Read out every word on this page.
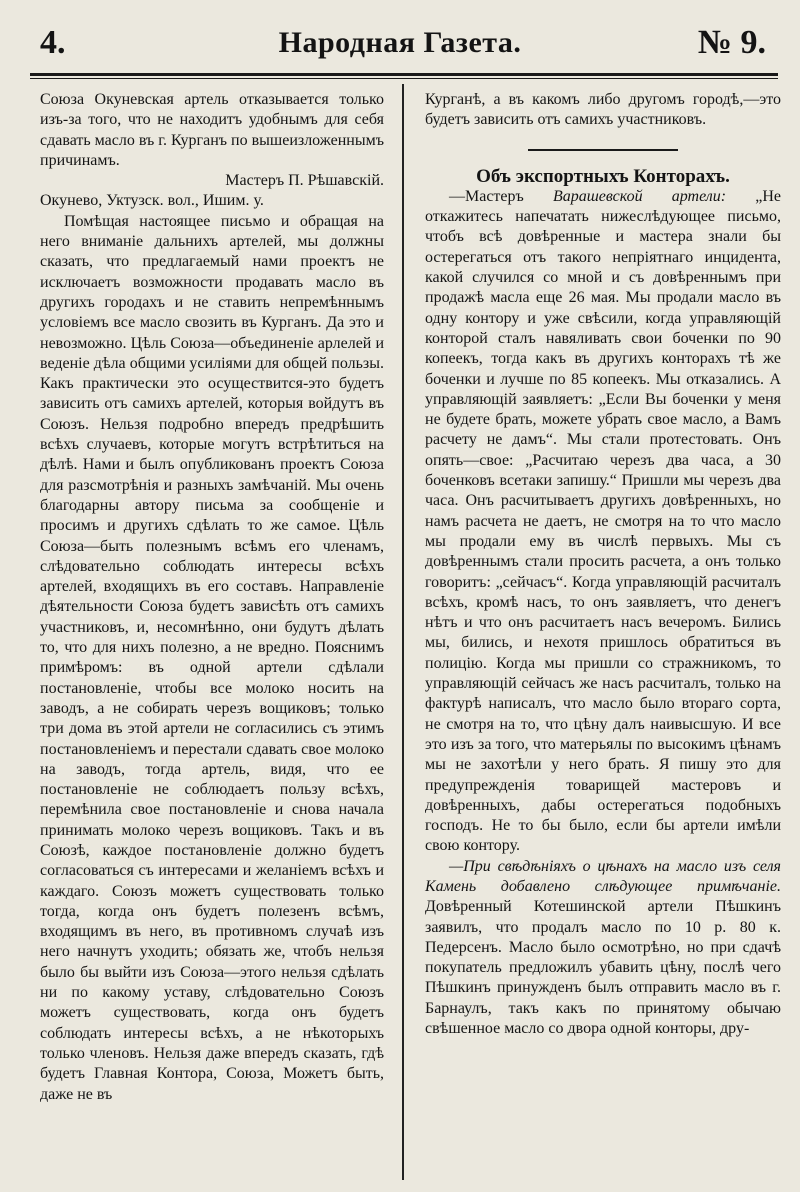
4.	Народная Газета.	№ 9.

Союза Окуневская артель отказывается только изъ-за того, что не находитъ удобнымъ для себя сдавать масло въ г. Курганъ по вышеизложеннымъ причинамъ.

Мастеръ П. Рѣшавскій.

Окунево, Уктузск. вол., Ишим. у.

Помѣщая настоящее письмо и обращая на него вниманіе дальнихъ артелей, мы должны сказать, что предлагаемый нами проектъ не исключаетъ возможности продавать масло въ другихъ городахъ и не ставить непремѣннымъ условіемъ все масло свозить въ Курганъ. Да это и невозможно. Цѣль Союза—объединеніе арлелей и веденіе дѣла общими усиліями для общей пользы. Какъ практически это осуществится-это будетъ зависить отъ самихъ артелей, которыя войдутъ въ Союзъ. Нельзя подробно впередъ предрѣшить всѣхъ случаевъ, которые могутъ встрѣтиться на дѣлѣ. Нами и былъ опубликованъ проектъ Союза для разсмотрѣнія и разныхъ замѣчаній. Мы очень благодарны автору письма за сообщеніе и просимъ и другихъ сдѣлать то же самое. Цѣль Союза—быть полезнымъ всѣмъ его членамъ, слѣдовательно соблюдать интересы всѣхъ артелей, входящихъ въ его составъ. Направленіе дѣятельности Союза будетъ зависѣть отъ самихъ участниковъ, и, несомнѣнно, они будутъ дѣлать то, что для нихъ полезно, а не вредно. Пояснимъ примѣромъ: въ одной артели сдѣлали постановленіе, чтобы все молоко носить на заводъ, а не собирать черезъ вощиковъ; только три дома въ этой артели не согласились съ этимъ постановленіемъ и перестали сдавать свое молоко на заводъ, тогда артель, видя, что ее постановленіе не соблюдаетъ пользу всѣхъ, перемѣнила свое постановленіе и снова начала принимать молоко черезъ вощиковъ. Такъ и въ Союзѣ, каждое постановленіе должно будетъ согласоваться съ интересами и желаніемъ всѣхъ и каждаго. Союзъ можетъ существовать только тогда, когда онъ будетъ полезенъ всѣмъ, входящимъ въ него, въ противномъ случаѣ изъ него начнутъ уходить; обязать же, чтобъ нельзя было бы выйти изъ Союза—этого нельзя сдѣлать ни по какому уставу, слѣдовательно Союзъ можетъ существовать, когда онъ будетъ соблюдать интересы всѣхъ, а не нѣкоторыхъ только членовъ. Нельзя даже впередъ сказать, гдѣ будетъ Главная Контора, Союза, Можетъ быть, даже не въ

Курганѣ, а въ какомъ либо другомъ городѣ,—это будетъ зависить отъ самихъ участниковъ.

Объ экспортныхъ Конторахъ.

—Мастеръ Варашевской артели: „Не откажитесь напечатать нижеслѣдующее письмо, чтобъ всѣ довѣренные и мастера знали бы остерегаться отъ такого непріятнаго инцидента, какой случился со мной и съ довѣреннымъ при продажѣ масла еще 26 мая. Мы продали масло въ одну контору и уже свѣсили, когда управляющій конторой сталъ навяливать свои боченки по 90 копеекъ, тогда какъ въ другихъ конторахъ тѣ же боченки и лучше по 85 копеекъ. Мы отказались. А управляющій заявляетъ: „Если Вы боченки у меня не будете брать, можете убрать свое масло, а Вамъ расчету не дамъ“. Мы стали протестовать. Онъ опять—свое: „Расчитаю черезъ два часа, а 30 боченковъ всетаки запишу.“ Пришли мы черезъ два часа. Онъ расчитываетъ другихъ довѣренныхъ, но намъ расчета не даетъ, не смотря на то что масло мы продали ему въ числѣ первыхъ. Мы съ довѣреннымъ стали просить расчета, а онъ только говоритъ: „сейчасъ“. Когда управляющій расчиталъ всѣхъ, кромѣ насъ, то онъ заявляетъ, что денегъ нѣтъ и что онъ расчитаетъ насъ вечеромъ. Бились мы, бились, и нехотя пришлось обратиться въ полицію. Когда мы пришли со стражникомъ, то управляющій сейчасъ же насъ расчиталъ, только на фактурѣ написалъ, что масло было втораго сорта, не смотря на то, что цѣну далъ наивысшую. И все это изъ за того, что матерьялы по высокимъ цѣнамъ мы не захотѣли у него брать. Я пишу это для предупрежденія товарищей мастеровъ и довѣренныхъ, дабы остерегаться подобныхъ господъ. Не то бы было, если бы артели имѣли свою контору.

—При свѣдѣніяхъ о цѣнахъ на масло изъ селя Камень добавлено слѣдующее примѣчаніе. Довѣренный Котешинской артели Пѣшкинъ заявилъ, что продалъ масло по 10 р. 80 к. Педерсенъ. Масло было осмотрѣно, но при сдачѣ покупатель предложилъ убавить цѣну, послѣ чего Пѣшкинъ принужденъ былъ отправить масло въ г. Барнаулъ, такъ какъ по принятому обычаю свѣшенное масло со двора одной конторы, дру-
